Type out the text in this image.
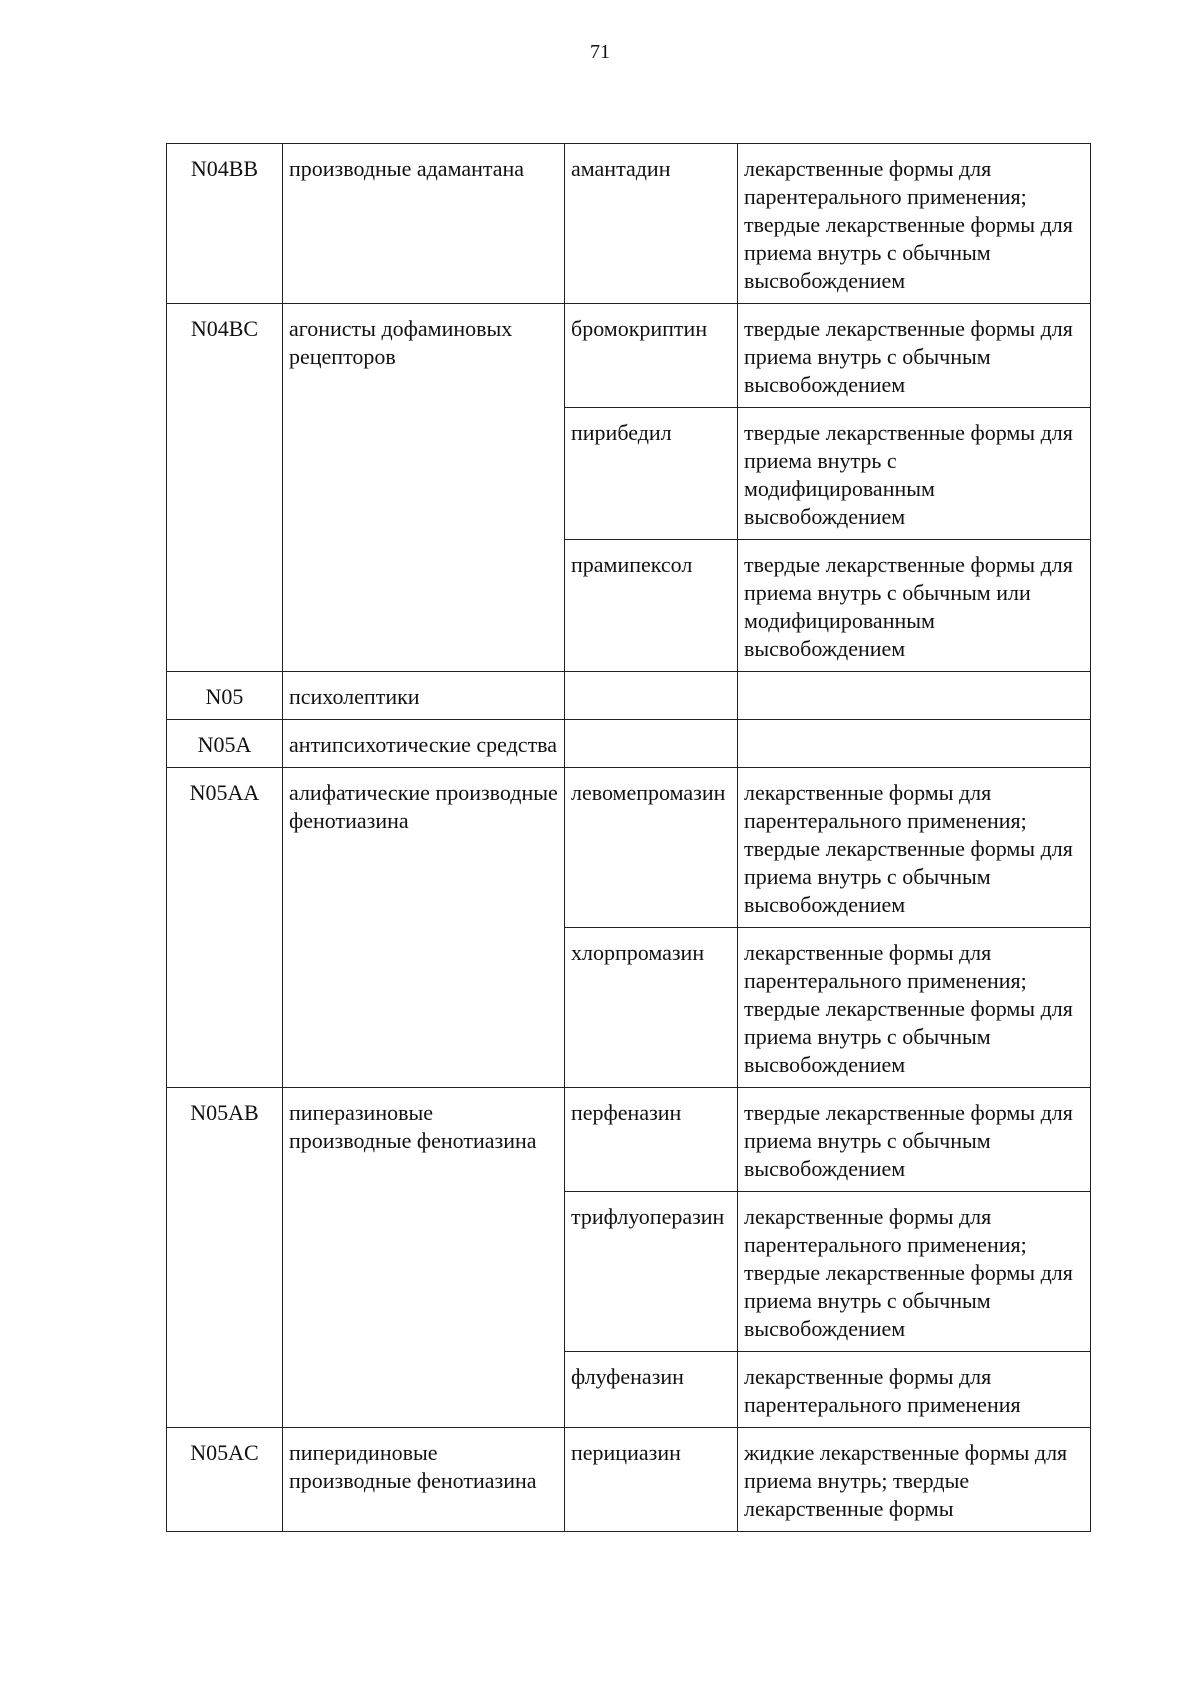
71
N04BB	производные адамантана	амантадин	лекарственные формы для парентерального применения; твердые лекарственные формы для приема внутрь с обычным высвобождением
N04BC	агонисты дофаминовых рецепторов	бромокриптин	твердые лекарственные формы для приема внутрь с обычным высвобождением
		пирибедил	твердые лекарственные формы для приема внутрь с модифицированным высвобождением
		прамипексол	твердые лекарственные формы для приема внутрь с обычным или модифицированным высвобождением
N05	психолептики		
N05A	антипсихотические средства		
N05AA	алифатические производные фенотиазина	левомепромазин	лекарственные формы для парентерального применения; твердые лекарственные формы для приема внутрь с обычным высвобождением
		хлорпромазин	лекарственные формы для парентерального применения; твердые лекарственные формы для приема внутрь с обычным высвобождением
N05AB	пиперазиновые производные фенотиазина	перфеназин	твердые лекарственные формы для приема внутрь с обычным высвобождением
		трифлуоперазин	лекарственные формы для парентерального применения; твердые лекарственные формы для приема внутрь с обычным высвобождением
		флуфеназин	лекарственные формы для парентерального применения
N05AC	пиперидиновые производные фенотиазина	перициазин	жидкие лекарственные формы для приема внутрь; твердые лекарственные формы
